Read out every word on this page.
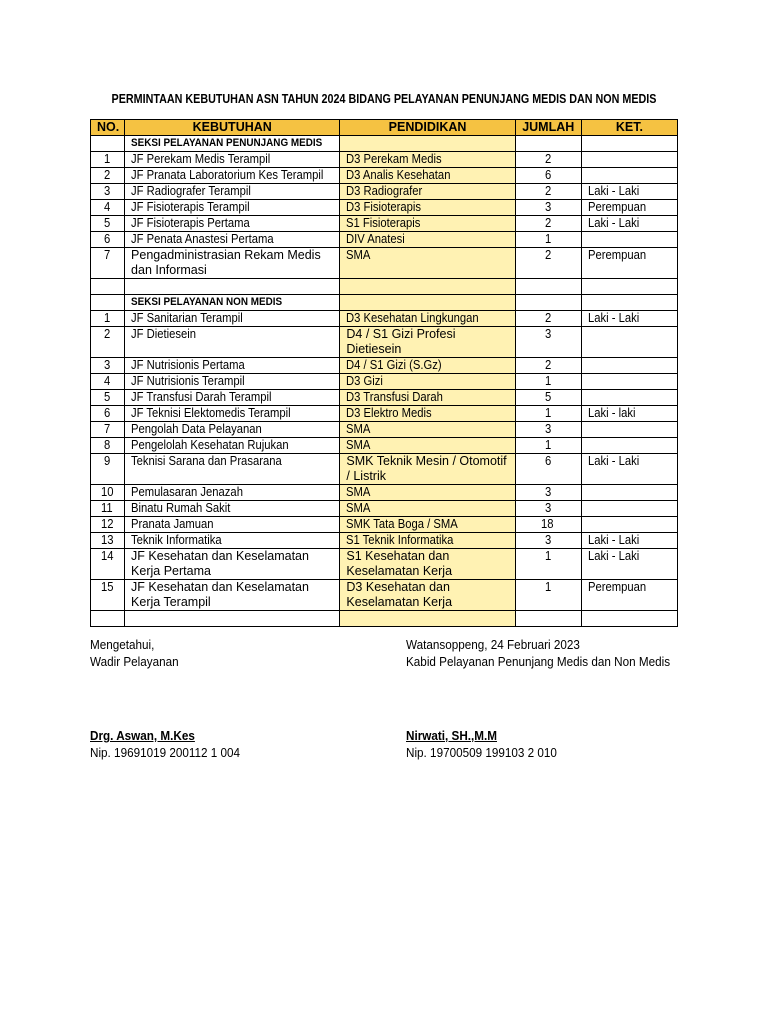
PERMINTAAN KEBUTUHAN ASN TAHUN 2024 BIDANG PELAYANAN PENUNJANG MEDIS DAN NON MEDIS
NO.	KEBUTUHAN	PENDIDIKAN	JUMLAH	KET.
	SEKSI PELAYANAN PENUNJANG MEDIS			
1	JF Perekam Medis Terampil	D3 Perekam Medis	2	
2	JF Pranata Laboratorium Kes Terampil	D3 Analis Kesehatan	6	
3	JF Radiografer Terampil	D3 Radiografer	2	Laki - Laki
4	JF Fisioterapis Terampil	D3 Fisioterapis	3	Perempuan
5	JF Fisioterapis Pertama	S1 Fisioterapis	2	Laki - Laki
6	JF Penata Anastesi Pertama	DIV Anatesi	1	
7	Pengadministrasian Rekam Medis dan Informasi	SMA	2	Perempuan

	SEKSI PELAYANAN NON MEDIS			
1	JF Sanitarian Terampil	D3 Kesehatan Lingkungan	2	Laki - Laki
2	JF Dietiesein	D4 / S1 Gizi Profesi Dietiesein	3	
3	JF Nutrisionis Pertama	D4 / S1 Gizi (S.Gz)	2	
4	JF Nutrisionis Terampil	D3 Gizi	1	
5	JF Transfusi Darah Terampil	D3 Transfusi Darah	5	
6	JF Teknisi Elektomedis Terampil	D3 Elektro Medis	1	Laki - laki
7	Pengolah Data Pelayanan	SMA	3	
8	Pengelolah Kesehatan Rujukan	SMA	1	
9	Teknisi Sarana dan Prasarana	SMK Teknik Mesin / Otomotif / Listrik	6	Laki - Laki
10	Pemulasaran Jenazah	SMA	3	
11	Binatu Rumah Sakit	SMA	3	
12	Pranata Jamuan	SMK Tata Boga / SMA	18	
13	Teknik Informatika	S1 Teknik Informatika	3	Laki - Laki
14	JF Kesehatan dan Keselamatan Kerja Pertama	S1 Kesehatan dan Keselamatan Kerja	1	Laki - Laki
15	JF Kesehatan dan Keselamatan Kerja Terampil	D3 Kesehatan dan Keselamatan Kerja	1	Perempuan

Mengetahui,
Wadir Pelayanan
Drg. Aswan, M.Kes
Nip. 19691019 200112 1 004
Watansoppeng, 24 Februari 2023
Kabid Pelayanan Penunjang Medis dan Non Medis
Nirwati, SH.,M.M
Nip. 19700509 199103 2 010
